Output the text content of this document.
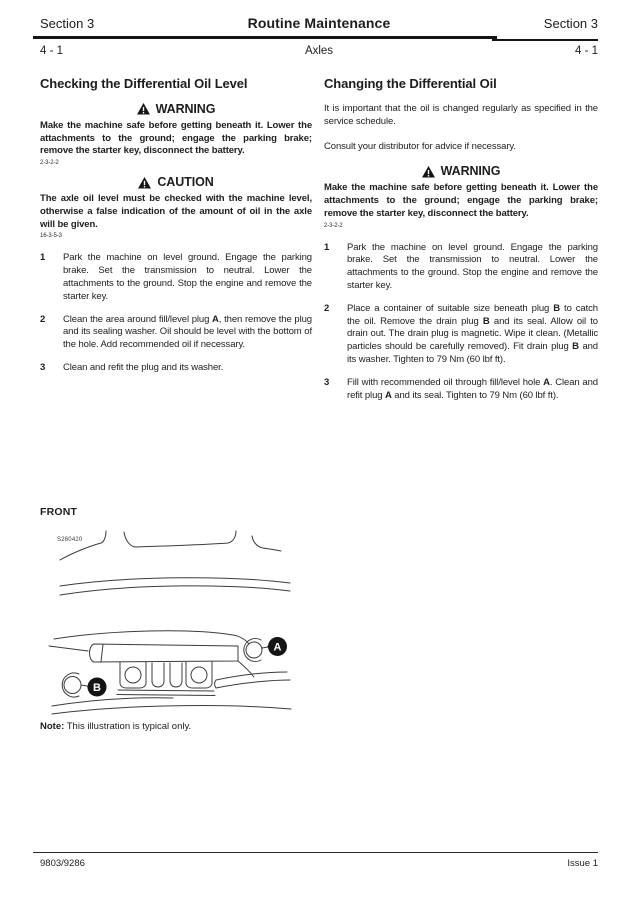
Section 3	Routine Maintenance	Section 3
4 - 1	Axles	4 - 1
Checking the Differential Oil Level
WARNING

Make the machine safe before getting beneath it. Lower the attachments to the ground; engage the parking brake; remove the starter key, disconnect the battery.

2-3-2-2
CAUTION

The axle oil level must be checked with the machine level, otherwise a false indication of the amount of oil in the axle will be given.

16-3-5-3
1	Park the machine on level ground. Engage the parking brake. Set the transmission to neutral. Lower the attachments to the ground. Stop the engine and remove the starter key.
2	Clean the area around fill/level plug A, then remove the plug and its sealing washer. Oil should be level with the bottom of the hole. Add recommended oil if necessary.
3	Clean and refit the plug and its washer.
Changing the Differential Oil

It is important that the oil is changed regularly as specified in the service schedule.

Consult your distributor for advice if necessary.

WARNING

Make the machine safe before getting beneath it. Lower the attachments to the ground; engage the parking brake; remove the starter key, disconnect the battery.

2-3-2-2
1	Park the machine on level ground. Engage the parking brake. Set the transmission to neutral. Lower the attachments to the ground. Stop the engine and remove the starter key.
2	Place a container of suitable size beneath plug B to catch the oil. Remove the drain plug B and its seal. Allow oil to drain out. The drain plug is magnetic. Wipe it clean. (Metallic particles should be carefully removed). Fit drain plug B and its washer. Tighten to 79 Nm (60 lbf ft).
3	Fill with recommended oil through fill/level hole A. Clean and refit plug A and its seal. Tighten to 79 Nm (60 lbf ft).
FRONT
S260420
A
B
Note: This illustration is typical only.
9803/9286	Issue 1
